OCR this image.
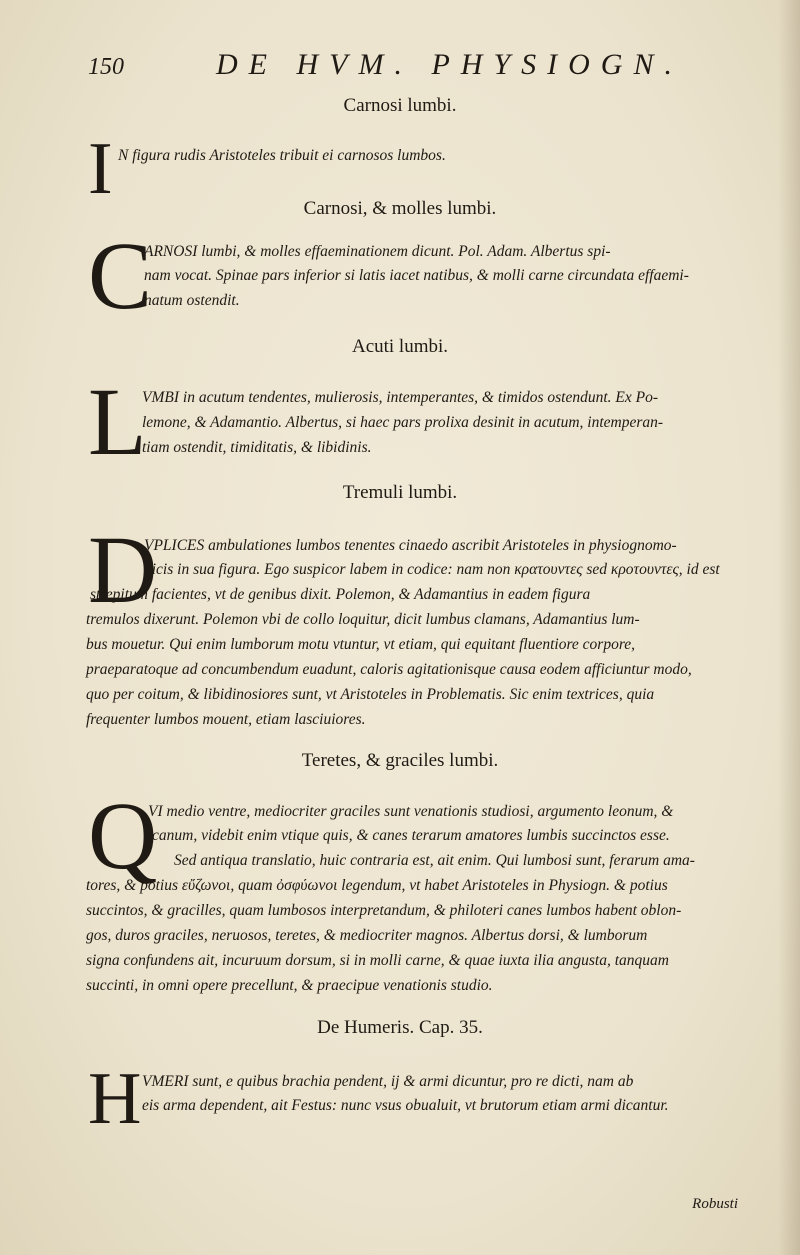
150	DE HVM. PHYSIOGN.
Carnosi lumbi.
I N figura rudis Aristoteles tribuit ei carnosos lumbos.
Carnosi, & molles lumbi.
C
ARNOSI lumbi, & molles effaeminationem dicunt. Pol. Adam. Albertus spi-
nam vocat. Spinae pars inferior si latis iacet natibus, & molli carne circundata effaemi-
natum ostendit.
Acuti lumbi.
L
VMBI in acutum tendentes, mulierosis, intemperantes, & timidos ostendunt. Ex Po-
lemone, & Adamantio. Albertus, si haec pars prolixa desinit in acutum, intemperan-
tiam ostendit, timiditatis, & libidinis.
Tremuli lumbi.
D
VPLICES ambulationes lumbos tenentes cinaedo ascribit Aristoteles in physiognomo-
nicis in sua figura. Ego suspicor labem in codice: nam non κρατουντες sed κροτουντες, id est
strepitum facientes, vt de genibus dixit. Polemon, & Adamantius in eadem figura
tremulos dixerunt. Polemon vbi de collo loquitur, dicit lumbus clamans, Adamantius lum-
bus mouetur. Qui enim lumborum motu vtuntur, vt etiam, qui equitant fluentiore corpore,
praeparatoque ad concumbendum euadunt, caloris agitationisque causa eodem afficiuntur modo,
quo per coitum, & libidinosiores sunt, vt Aristoteles in Problematis. Sic enim textrices, quia
frequenter lumbos mouent, etiam lasciuiores.
Teretes, & graciles lumbi.
Q
VI medio ventre, mediocriter graciles sunt venationis studiosi, argumento leonum, &
canum, videbit enim vtique quis, & canes terarum amatores lumbis succinctos esse.
Sed antiqua translatio, huic contraria est, ait enim. Qui lumbosi sunt, ferarum ama-
tores, & potius εὔζωνοι, quam ὀσφύωνοι legendum, vt habet Aristoteles in Physiogn. & potius
succintos, & gracilles, quam lumbosos interpretandum, & philoteri canes lumbos habent oblon-
gos, duros graciles, neruosos, teretes, & mediocriter magnos. Albertus dorsi, & lumborum
signa confundens ait, incuruum dorsum, si in molli carne, & quae iuxta ilia angusta, tanquam
succinti, in omni opere precellunt, & praecipue venationis studio.
De Humeris. Cap. 35.
H VMERI sunt, e quibus brachia pendent, ij & armi dicuntur, pro re dicti, nam ab
eis arma dependent, ait Festus: nunc vsus obualuit, vt brutorum etiam armi dicantur.
Robusti
